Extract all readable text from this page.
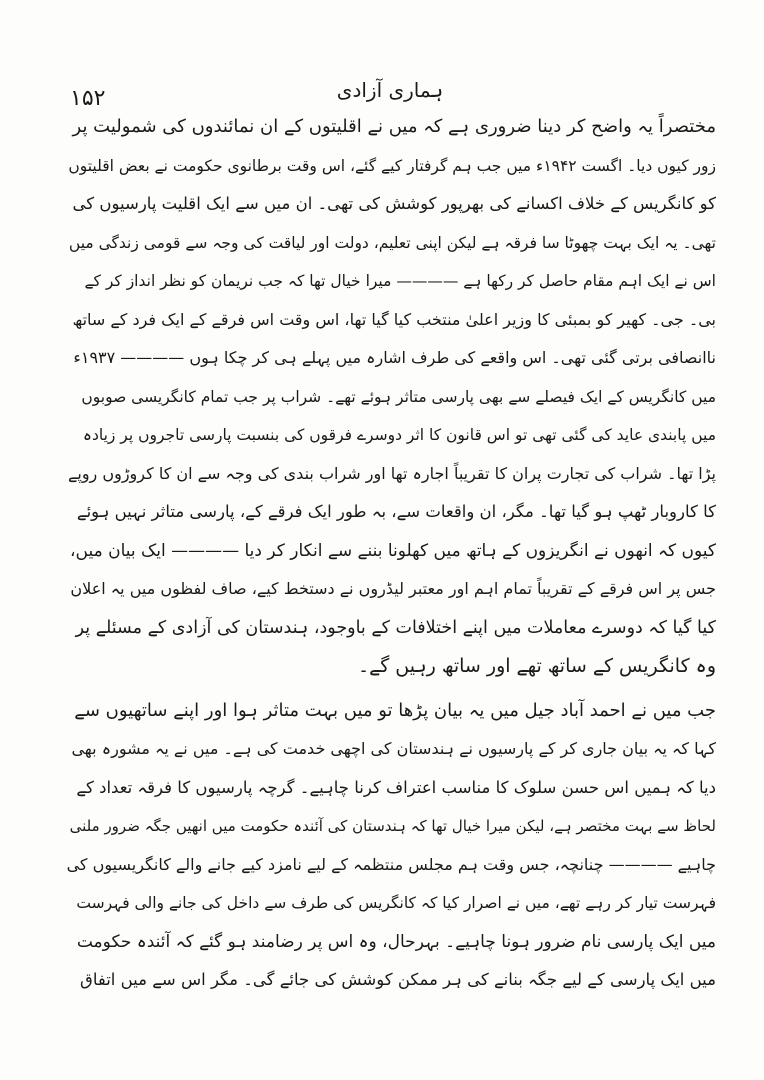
۱۵۲	ہماری آزادی
مختصراً یہ واضح کر دینا ضروری ہے کہ میں نے اقلیتوں کے ان نمائندوں کی شمولیت پر
زور کیوں دیا۔ اگست ۱۹۴۲ء میں جب ہم گرفتار کیے گئے، اس وقت برطانوی حکومت نے بعض اقلیتوں
کو کانگریس کے خلاف اکسانے کی بھرپور کوشش کی تھی۔ ان میں سے ایک اقلیت پارسیوں کی
تھی۔ یہ ایک بہت چھوٹا سا فرقہ ہے لیکن اپنی تعلیم، دولت اور لیاقت کی وجہ سے قومی زندگی میں
اس نے ایک اہم مقام حاصل کر رکھا ہے ———— میرا خیال تھا کہ جب نریمان کو نظر انداز کر کے
بی۔ جی۔ کھیر کو بمبئی کا وزیر اعلیٰ منتخب کیا گیا تھا، اس وقت اس فرقے کے ایک فرد کے ساتھ
ناانصافی برتی گئی تھی۔ اس واقعے کی طرف اشارہ میں پہلے ہی کر چکا ہوں ———— ۱۹۳۷ء
میں کانگریس کے ایک فیصلے سے بھی پارسی متاثر ہوئے تھے۔ شراب پر جب تمام کانگریسی صوبوں
میں پابندی عاید کی گئی تھی تو اس قانون کا اثر دوسرے فرقوں کی بنسبت پارسی تاجروں پر زیادہ
پڑا تھا۔ شراب کی تجارت پران کا تقریباً اجارہ تھا اور شراب بندی کی وجہ سے ان کا کروڑوں روپے
کا کاروبار ٹھپ ہو گیا تھا۔ مگر، ان واقعات سے، بہ طور ایک فرقے کے، پارسی متاثر نہیں ہوئے
کیوں کہ انھوں نے انگریزوں کے ہاتھ میں کھلونا بننے سے انکار کر دیا ———— ایک بیان میں،
جس پر اس فرقے کے تقریباً تمام اہم اور معتبر لیڈروں نے دستخط کیے، صاف لفظوں میں یہ اعلان
کیا گیا کہ دوسرے معاملات میں اپنے اختلافات کے باوجود، ہندستان کی آزادی کے مسئلے پر
وہ کانگریس کے ساتھ تھے اور ساتھ رہیں گے۔
جب میں نے احمد آباد جیل میں یہ بیان پڑھا تو میں بہت متاثر ہوا اور اپنے ساتھیوں سے
کہا کہ یہ بیان جاری کر کے پارسیوں نے ہندستان کی اچھی خدمت کی ہے۔ میں نے یہ مشورہ بھی
دیا کہ ہمیں اس حسن سلوک کا مناسب اعتراف کرنا چاہیے۔ گرچہ پارسیوں کا فرقہ تعداد کے
لحاظ سے بہت مختصر ہے، لیکن میرا خیال تھا کہ ہندستان کی آئندہ حکومت میں انھیں جگہ ضرور ملنی
چاہیے ———— چنانچہ، جس وقت ہم مجلس منتظمہ کے لیے نامزد کیے جانے والے کانگریسیوں کی
فہرست تیار کر رہے تھے، میں نے اصرار کیا کہ کانگریس کی طرف سے داخل کی جانے والی فہرست
میں ایک پارسی نام ضرور ہونا چاہیے۔ بہرحال، وہ اس پر رضامند ہو گئے کہ آئندہ حکومت
میں ایک پارسی کے لیے جگہ بنانے کی ہر ممکن کوشش کی جائے گی۔ مگر اس سے میں اتفاق
